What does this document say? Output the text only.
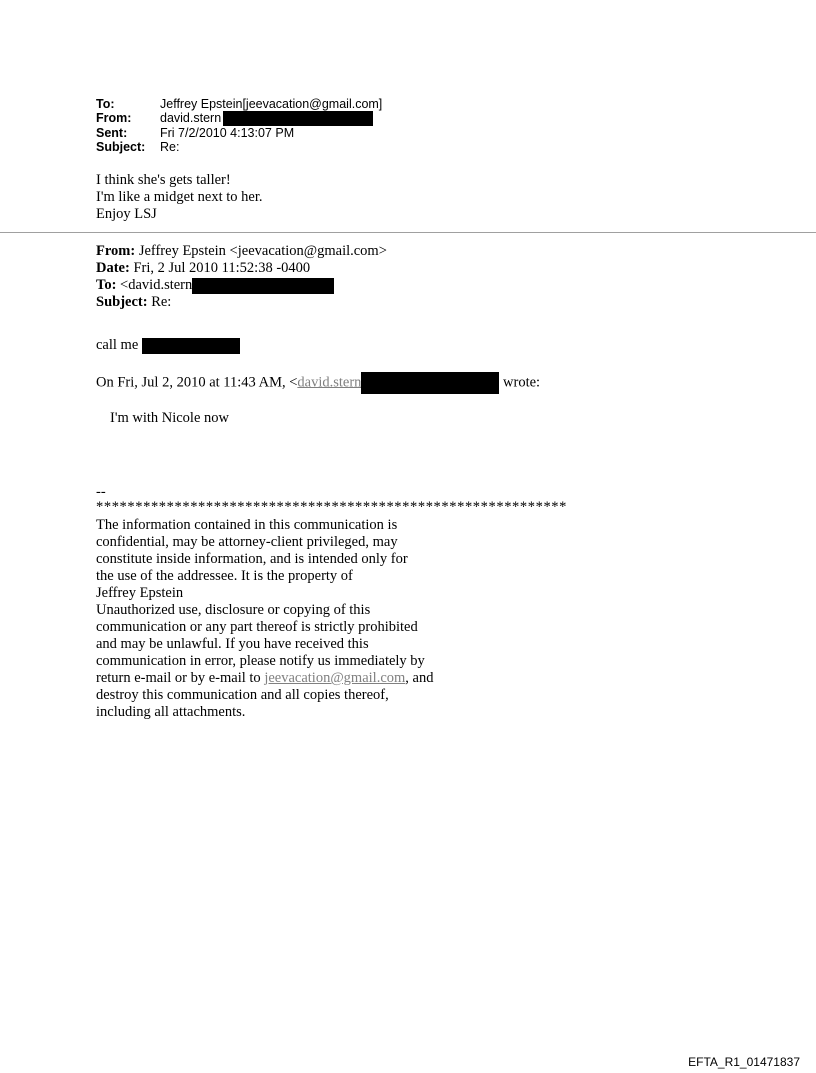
To:	Jeffrey Epstein[jeevacation@gmail.com]
From:	david.stern
Sent:	Fri 7/2/2010 4:13:07 PM
Subject:	Re:
I think she's gets taller!
I'm like a midget next to her.
Enjoy LSJ
From: Jeffrey Epstein <jeevacation@gmail.com>
Date: Fri, 2 Jul 2010 11:52:38 -0400
To: <david.stern
Subject: Re:
call me
On Fri, Jul 2, 2010 at 11:43 AM, <david.stern	wrote:
I'm with Nicole now
--
************************************************************
The information contained in this communication is
confidential, may be attorney-client privileged, may
constitute inside information, and is intended only for
the use of the addressee. It is the property of
Jeffrey Epstein
Unauthorized use, disclosure or copying of this
communication or any part thereof is strictly prohibited
and may be unlawful. If you have received this
communication in error, please notify us immediately by
return e-mail or by e-mail to jeevacation@gmail.com, and
destroy this communication and all copies thereof,
including all attachments.
EFTA_R1_01471837
